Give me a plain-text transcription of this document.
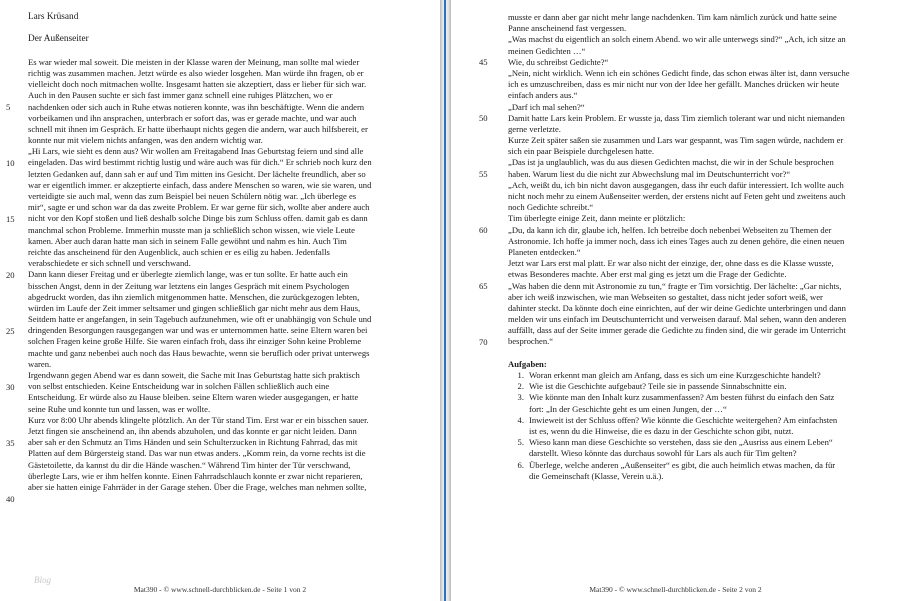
Lars Krüsand
Der Außenseiter
Es war wieder mal soweit. Die meisten in der Klasse waren der Meinung, man sollte mal wieder
richtig was zusammen machen. Jetzt würde es also wieder losgehen. Man würde ihn fragen, ob er
vielleicht doch noch mitmachen wollte. Insgesamt hatten sie akzeptiert, dass er lieber für sich war.
Auch in den Pausen suchte er sich fast immer ganz schnell eine ruhiges Plätzchen, wo er
nachdenken oder sich auch in Ruhe etwas notieren konnte, was ihn beschäftigte. Wenn die andern
vorbeikamen und ihn ansprachen, unterbrach er sofort das, was er gerade machte, und war auch
schnell mit ihnen im Gespräch. Er hatte überhaupt nichts gegen die andern, war auch hilfsbereit, er
konnte nur mit vielem nichts anfangen, was den andern wichtig war.
„Hi Lars, wie sieht es denn aus? Wir wollen am Freitagabend Inas Geburtstag feiern und sind alle
eingeladen. Das wird bestimmt richtig lustig und wäre auch was für dich.“ Er schrieb noch kurz den
letzten Gedanken auf, dann sah er auf und Tim mitten ins Gesicht. Der lächelte freundlich, aber so
war er eigentlich immer. er akzeptierte einfach, dass andere Menschen so waren, wie sie waren, und
verteidigte sie auch mal, wenn das zum Beispiel bei neuen Schülern nötig war. „Ich überlege es
mir“, sagte er und schon war da das zweite Problem. Er war gerne für sich, wollte aber andere auch
nicht vor den Kopf stoßen und ließ deshalb solche Dinge bis zum Schluss offen. damit gab es dann
manchmal schon Probleme. Immerhin musste man ja schließlich schon wissen, wie viele Leute
kamen. Aber auch daran hatte man sich in seinem Falle gewöhnt und nahm es hin. Auch Tim
reichte das anscheinend für den Augenblick, auch schien er es eilig zu haben. Jedenfalls
verabschiedete er sich schnell und verschwand.
Dann kann dieser Freitag und er überlegte ziemlich lange, was er tun sollte. Er hatte auch ein
bisschen Angst, denn in der Zeitung war letztens ein langes Gespräch mit einem Psychologen
abgedruckt worden, das ihn ziemlich mitgenommen hatte. Menschen, die zurückgezogen lebten,
würden im Laufe der Zeit immer seltsamer und gingen schließlich gar nicht mehr aus dem Haus,
Seitdem hatte er angefangen, in sein Tagebuch aufzunehmen, wie oft er unabhängig von Schule und
dringenden Besorgungen rausgegangen war und was er unternommen hatte. seine Eltern waren bei
solchen Fragen keine große Hilfe. Sie waren einfach froh, dass ihr einziger Sohn keine Probleme
machte und ganz nebenbei auch noch das Haus bewachte, wenn sie beruflich oder privat unterwegs
waren.
Irgendwann gegen Abend war es dann soweit, die Sache mit Inas Geburtstag hatte sich praktisch
von selbst entschieden. Keine Entscheidung war in solchen Fällen schließlich auch eine
Entscheidung. Er würde also zu Hause bleiben. seine Eltern waren wieder ausgegangen, er hatte
seine Ruhe und konnte tun und lassen, was er wollte.
Kurz vor 8:00 Uhr abends klingelte plötzlich. An der Tür stand Tim. Erst war er ein bisschen sauer.
Jetzt fingen sie anscheinend an, ihn abends abzuholen, und das konnte er gar nicht leiden. Dann
aber sah er den Schmutz an Tims Händen und sein Schulterzucken in Richtung Fahrrad, das mit
Platten auf dem Bürgersteig stand. Das war nun etwas anders. „Komm rein, da vorne rechts ist die
Gästetoilette, da kannst du dir die Hände waschen.“ Während Tim hinter der Tür verschwand,
überlegte Lars, wie er ihm helfen konnte. Einen Fahrradschlauch konnte er zwar nicht reparieren,
aber sie hatten einige Fahrräder in der Garage stehen. Über die Frage, welches man nehmen sollte,
5
10
15
20
25
30
35
40
Blog
Mat390 - © www.schnell-durchblicken.de - Seite 1 von 2
musste er dann aber gar nicht mehr lange nachdenken. Tim kam nämlich zurück und hatte seine
Panne anscheinend fast vergessen.
„Was machst du eigentlich an solch einem Abend. wo wir alle unterwegs sind?“ „Ach, ich sitze an
meinen Gedichten …“
Wie, du schreibst Gedichte?“
„Nein, nicht wirklich. Wenn ich ein schönes Gedicht finde, das schon etwas älter ist, dann versuche
ich es umzuschreiben, dass es mir nicht nur von der Idee her gefällt. Manches drücken wir heute
einfach anders aus.“
„Darf ich mal sehen?“
Damit hatte Lars kein Problem. Er wusste ja, dass Tim ziemlich tolerant war und nicht niemanden
gerne verletzte.
Kurze Zeit später saßen sie zusammen und Lars war gespannt, was Tim sagen würde, nachdem er
sich ein paar Beispiele durchgelesen hatte.
„Das ist ja unglaublich, was du aus diesen Gedichten machst, die wir in der Schule besprochen
haben. Warum liest du die nicht zur Abwechslung mal im Deutschunterricht vor?“
„Ach, weißt du, ich bin nicht davon ausgegangen, dass ihr euch dafür interessiert. Ich wollte auch
nicht noch mehr zu einem Außenseiter werden, der erstens nicht auf Feten geht und zweitens auch
noch Gedichte schreibt.“
Tim überlegte einige Zeit, dann meinte er plötzlich:
„Du, da kann ich dir, glaube ich, helfen. Ich betreibe doch nebenbei Webseiten zu Themen der
Astronomie. Ich hoffe ja immer noch, dass ich eines Tages auch zu denen gehöre, die einen neuen
Planeten entdecken.“
Jetzt war Lars erst mal platt. Er war also nicht der einzige, der, ohne dass es die Klasse wusste,
etwas Besonderes machte. Aber erst mal ging es jetzt um die Frage der Gedichte.
„Was haben die denn mit Astronomie zu tun,“ fragte er Tim vorsichtig. Der lächelte: „Gar nichts,
aber ich weiß inzwischen, wie man Webseiten so gestaltet, dass nicht jeder sofort weiß, wer
dahinter steckt. Da könnte doch eine einrichten, auf der wir deine Gedichte unterbringen und dann
melden wir uns einfach im Deutschunterricht und verweisen darauf. Mal sehen, wann den anderen
auffällt, dass auf der Seite immer gerade die Gedichte zu finden sind, die wir gerade im Unterricht
besprochen.“
Aufgaben:
1. Woran erkennt man gleich am Anfang, dass es sich um eine Kurzgeschichte handelt?
2. Wie ist die Geschichte aufgebaut? Teile sie in passende Sinnabschnitte ein.
3. Wie könnte man den Inhalt kurz zusammenfassen? Am besten führst du einfach den Satz
fort: „In der Geschichte geht es um einen Jungen, der …“
4. Inwieweit ist der Schluss offen? Wie könnte die Geschichte weitergehen? Am einfachsten
ist es, wenn du die Hinweise, die es dazu in der Geschichte schon gibt, nutzt.
5. Wieso kann man diese Geschichte so verstehen, dass sie den „Ausriss aus einem Leben“
darstellt. Wieso könnte das durchaus sowohl für Lars als auch für Tim gelten?
6. Überlege, welche anderen „Außenseiter“ es gibt, die auch heimlich etwas machen, da für
die Gemeinschaft (Klasse, Verein u.ä.).
45
50
55
60
65
70
Mat390 - © www.schnell-durchblicken.de - Seite 2 von 2
